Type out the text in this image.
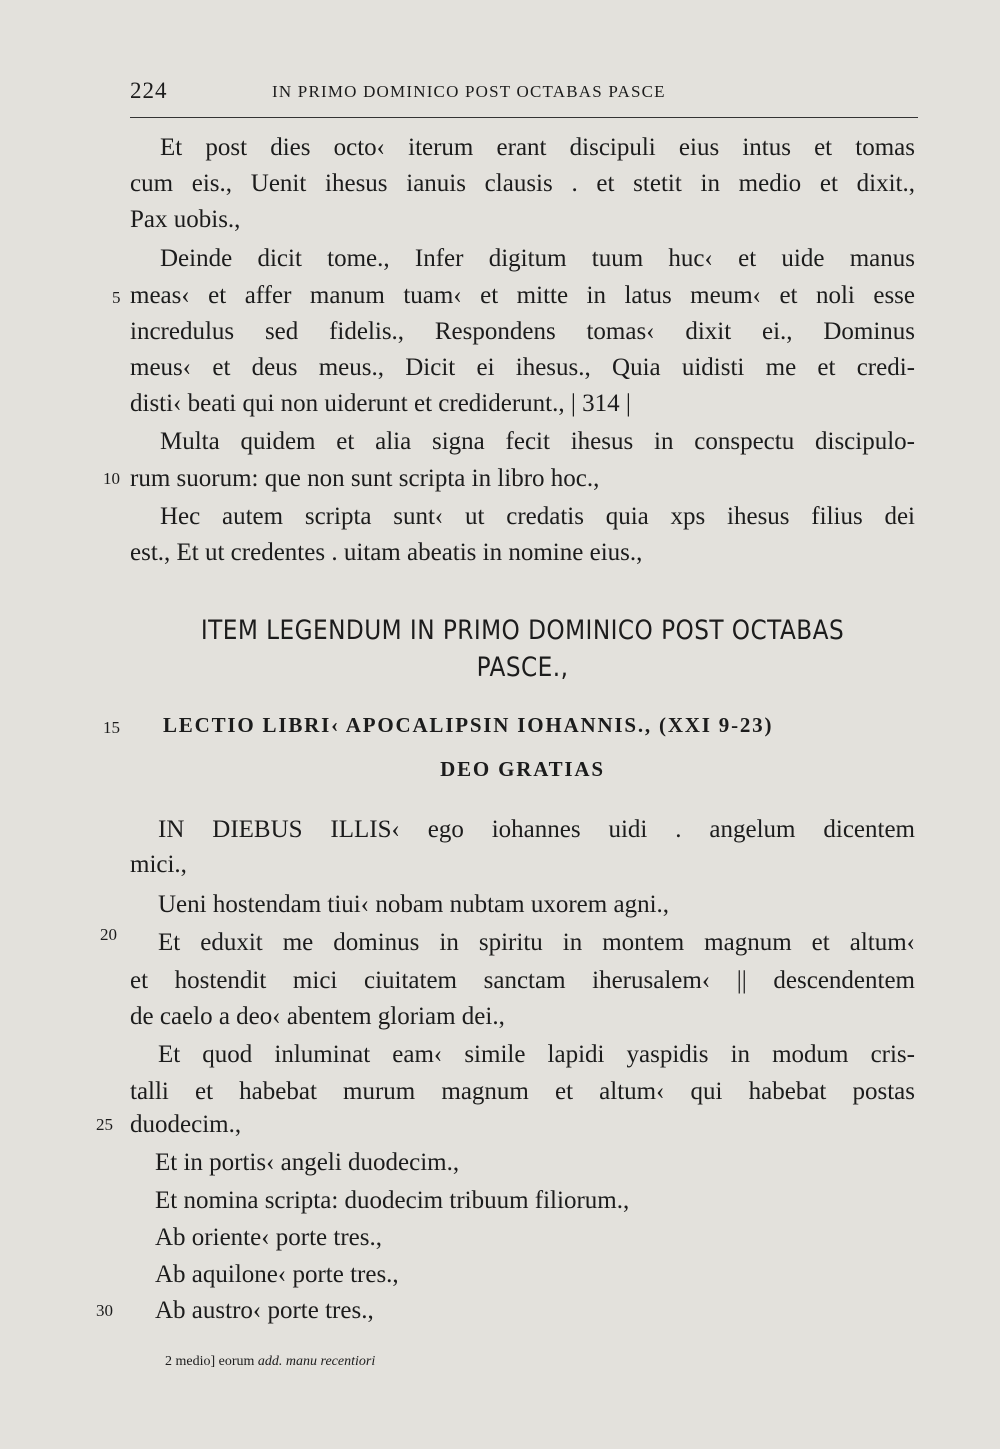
224	IN PRIMO DOMINICO POST OCTABAS PASCE
Et post dies octo‹ iterum erant discipuli eius intus et tomas
cum eis., Uenit ihesus ianuis clausis . et stetit in medio et dixit.,
Pax uobis.,
Deinde dicit tome., Infer digitum tuum huc‹ et uide manus
meas‹ et affer manum tuam‹ et mitte in latus meum‹ et noli esse
incredulus sed fidelis., Respondens tomas‹ dixit ei., Dominus
meus‹ et deus meus., Dicit ei ihesus., Quia uidisti me et credi-
disti‹ beati qui non uiderunt et crediderunt., | 314 |
Multa quidem et alia signa fecit ihesus in conspectu discipulo-
rum suorum: que non sunt scripta in libro hoc.,
Hec autem scripta sunt‹ ut credatis quia xps ihesus filius dei
est., Et ut credentes . uitam abeatis in nomine eius.,
IN DIEBUS ILLIS‹ ego iohannes uidi . angelum dicentem
mici.,
Ueni hostendam tiui‹ nobam nubtam uxorem agni.,
Et eduxit me dominus in spiritu in montem magnum et altum‹
et hostendit mici ciuitatem sanctam iherusalem‹ || descendentem
de caelo a deo‹ abentem gloriam dei.,
Et quod inluminat eam‹ simile lapidi yaspidis in modum cris-
talli et habebat murum magnum et altum‹ qui habebat postas
duodecim.,
Et in portis‹ angeli duodecim.,
Et nomina scripta: duodecim tribuum filiorum.,
Ab oriente‹ porte tres.,
Ab aquilone‹ porte tres.,
Ab austro‹ porte tres.,
ITEM LEGENDUM IN PRIMO DOMINICO POST OCTABAS
PASCE.,
LECTIO LIBRI‹ APOCALIPSIN IOHANNIS., (XXI 9-23)
DEO GRATIAS
5
10
15
20
25
30
2 medio] eorum add. manu recentiori
